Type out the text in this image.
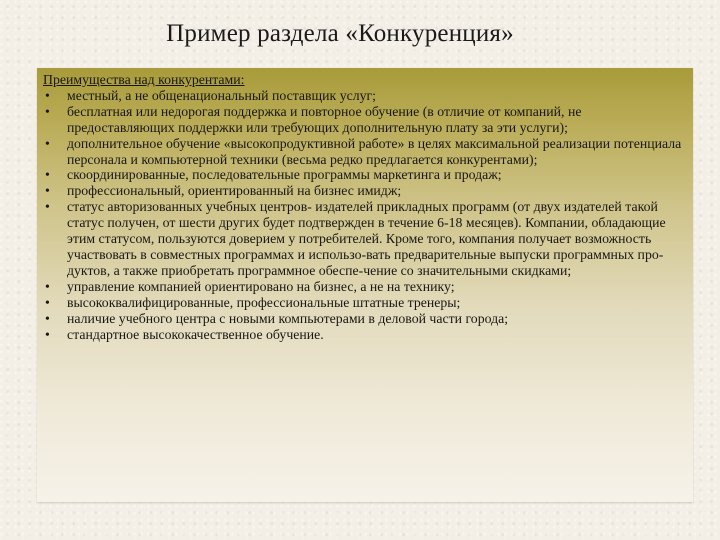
Пример раздела «Конкуренция»
Преимущества над конкурентами:
• местный, а не общенациональный поставщик услуг;
• бесплатная или недорогая поддержка и повторное обучение (в отличие от компаний, не предоставляющих поддержки или требующих дополнительную плату за эти услуги);
• дополнительное обучение «высокопродуктивной работе» в целях максимальной реализации потенциала персонала и компьютерной техники (весьма редко предлагается конкурентами);
• скоординированные, последовательные программы маркетинга и продаж;
• профессиональный, ориентированный на бизнес имидж;
• статус авторизованных учебных центров- издателей прикладных программ (от двух издателей такой статус получен, от шести других будет подтвержден в течение 6-18 месяцев). Компании, обладающие этим статусом, пользуются доверием у потребителей. Кроме того, компания получает возможность участвовать в совместных программах и использо-вать предварительные выпуски программных про-дуктов, а также приобретать программное обеспе-чение со значительными скидками;
• управление компанией ориентировано на бизнес, а не на технику;
• высококвалифицированные, профессиональные штатные тренеры;
• наличие учебного центра с новыми компьютерами в деловой части города;
• стандартное высококачественное обучение.
